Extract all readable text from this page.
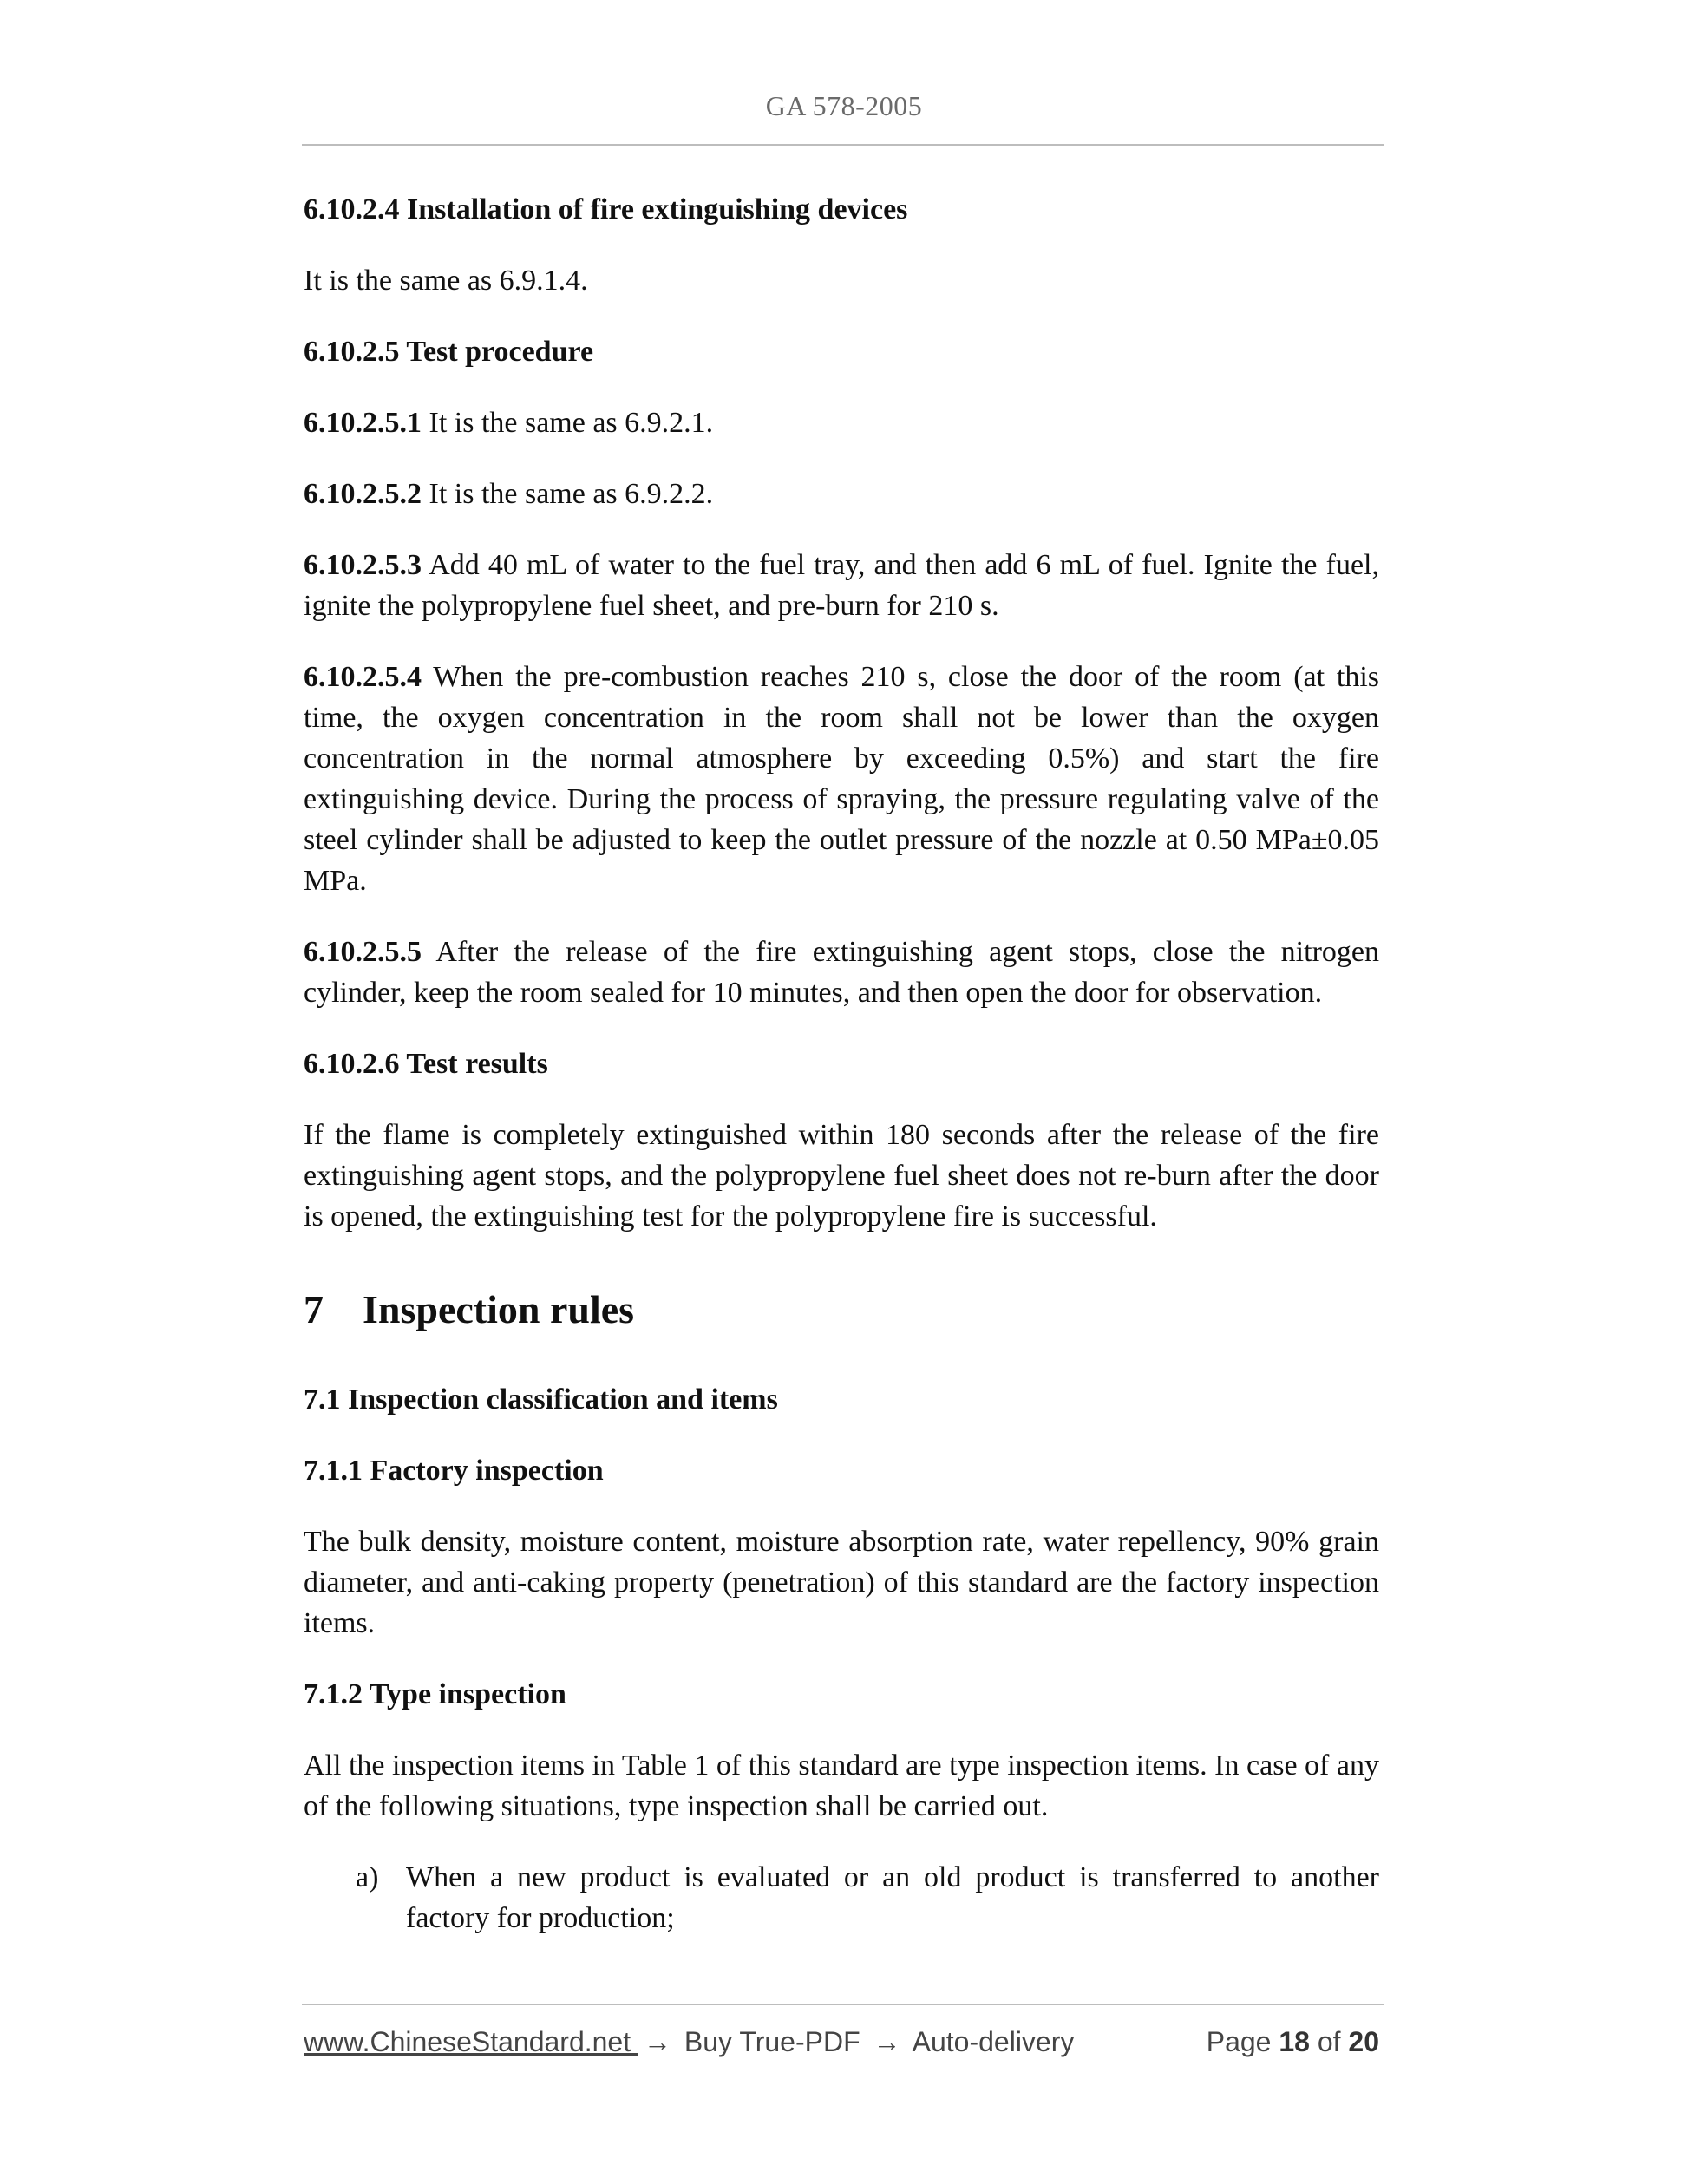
GA 578-2005

6.10.2.4 Installation of fire extinguishing devices

It is the same as 6.9.1.4.

6.10.2.5 Test procedure

6.10.2.5.1 It is the same as 6.9.2.1.

6.10.2.5.2 It is the same as 6.9.2.2.

6.10.2.5.3 Add 40 mL of water to the fuel tray, and then add 6 mL of fuel. Ignite the fuel, ignite the polypropylene fuel sheet, and pre-burn for 210 s.

6.10.2.5.4 When the pre-combustion reaches 210 s, close the door of the room (at this time, the oxygen concentration in the room shall not be lower than the oxygen concentration in the normal atmosphere by exceeding 0.5%) and start the fire extinguishing device. During the process of spraying, the pressure regulating valve of the steel cylinder shall be adjusted to keep the outlet pressure of the nozzle at 0.50 MPa±0.05 MPa.

6.10.2.5.5 After the release of the fire extinguishing agent stops, close the nitrogen cylinder, keep the room sealed for 10 minutes, and then open the door for observation.

6.10.2.6 Test results

If the flame is completely extinguished within 180 seconds after the release of the fire extinguishing agent stops, and the polypropylene fuel sheet does not re-burn after the door is opened, the extinguishing test for the polypropylene fire is successful.

7 Inspection rules

7.1 Inspection classification and items

7.1.1 Factory inspection

The bulk density, moisture content, moisture absorption rate, water repellency, 90% grain diameter, and anti-caking property (penetration) of this standard are the factory inspection items.

7.1.2 Type inspection

All the inspection items in Table 1 of this standard are type inspection items. In case of any of the following situations, type inspection shall be carried out.

a) When a new product is evaluated or an old product is transferred to another factory for production;
www.ChineseStandard.net → Buy True-PDF → Auto-delivery	Page 18 of 20
